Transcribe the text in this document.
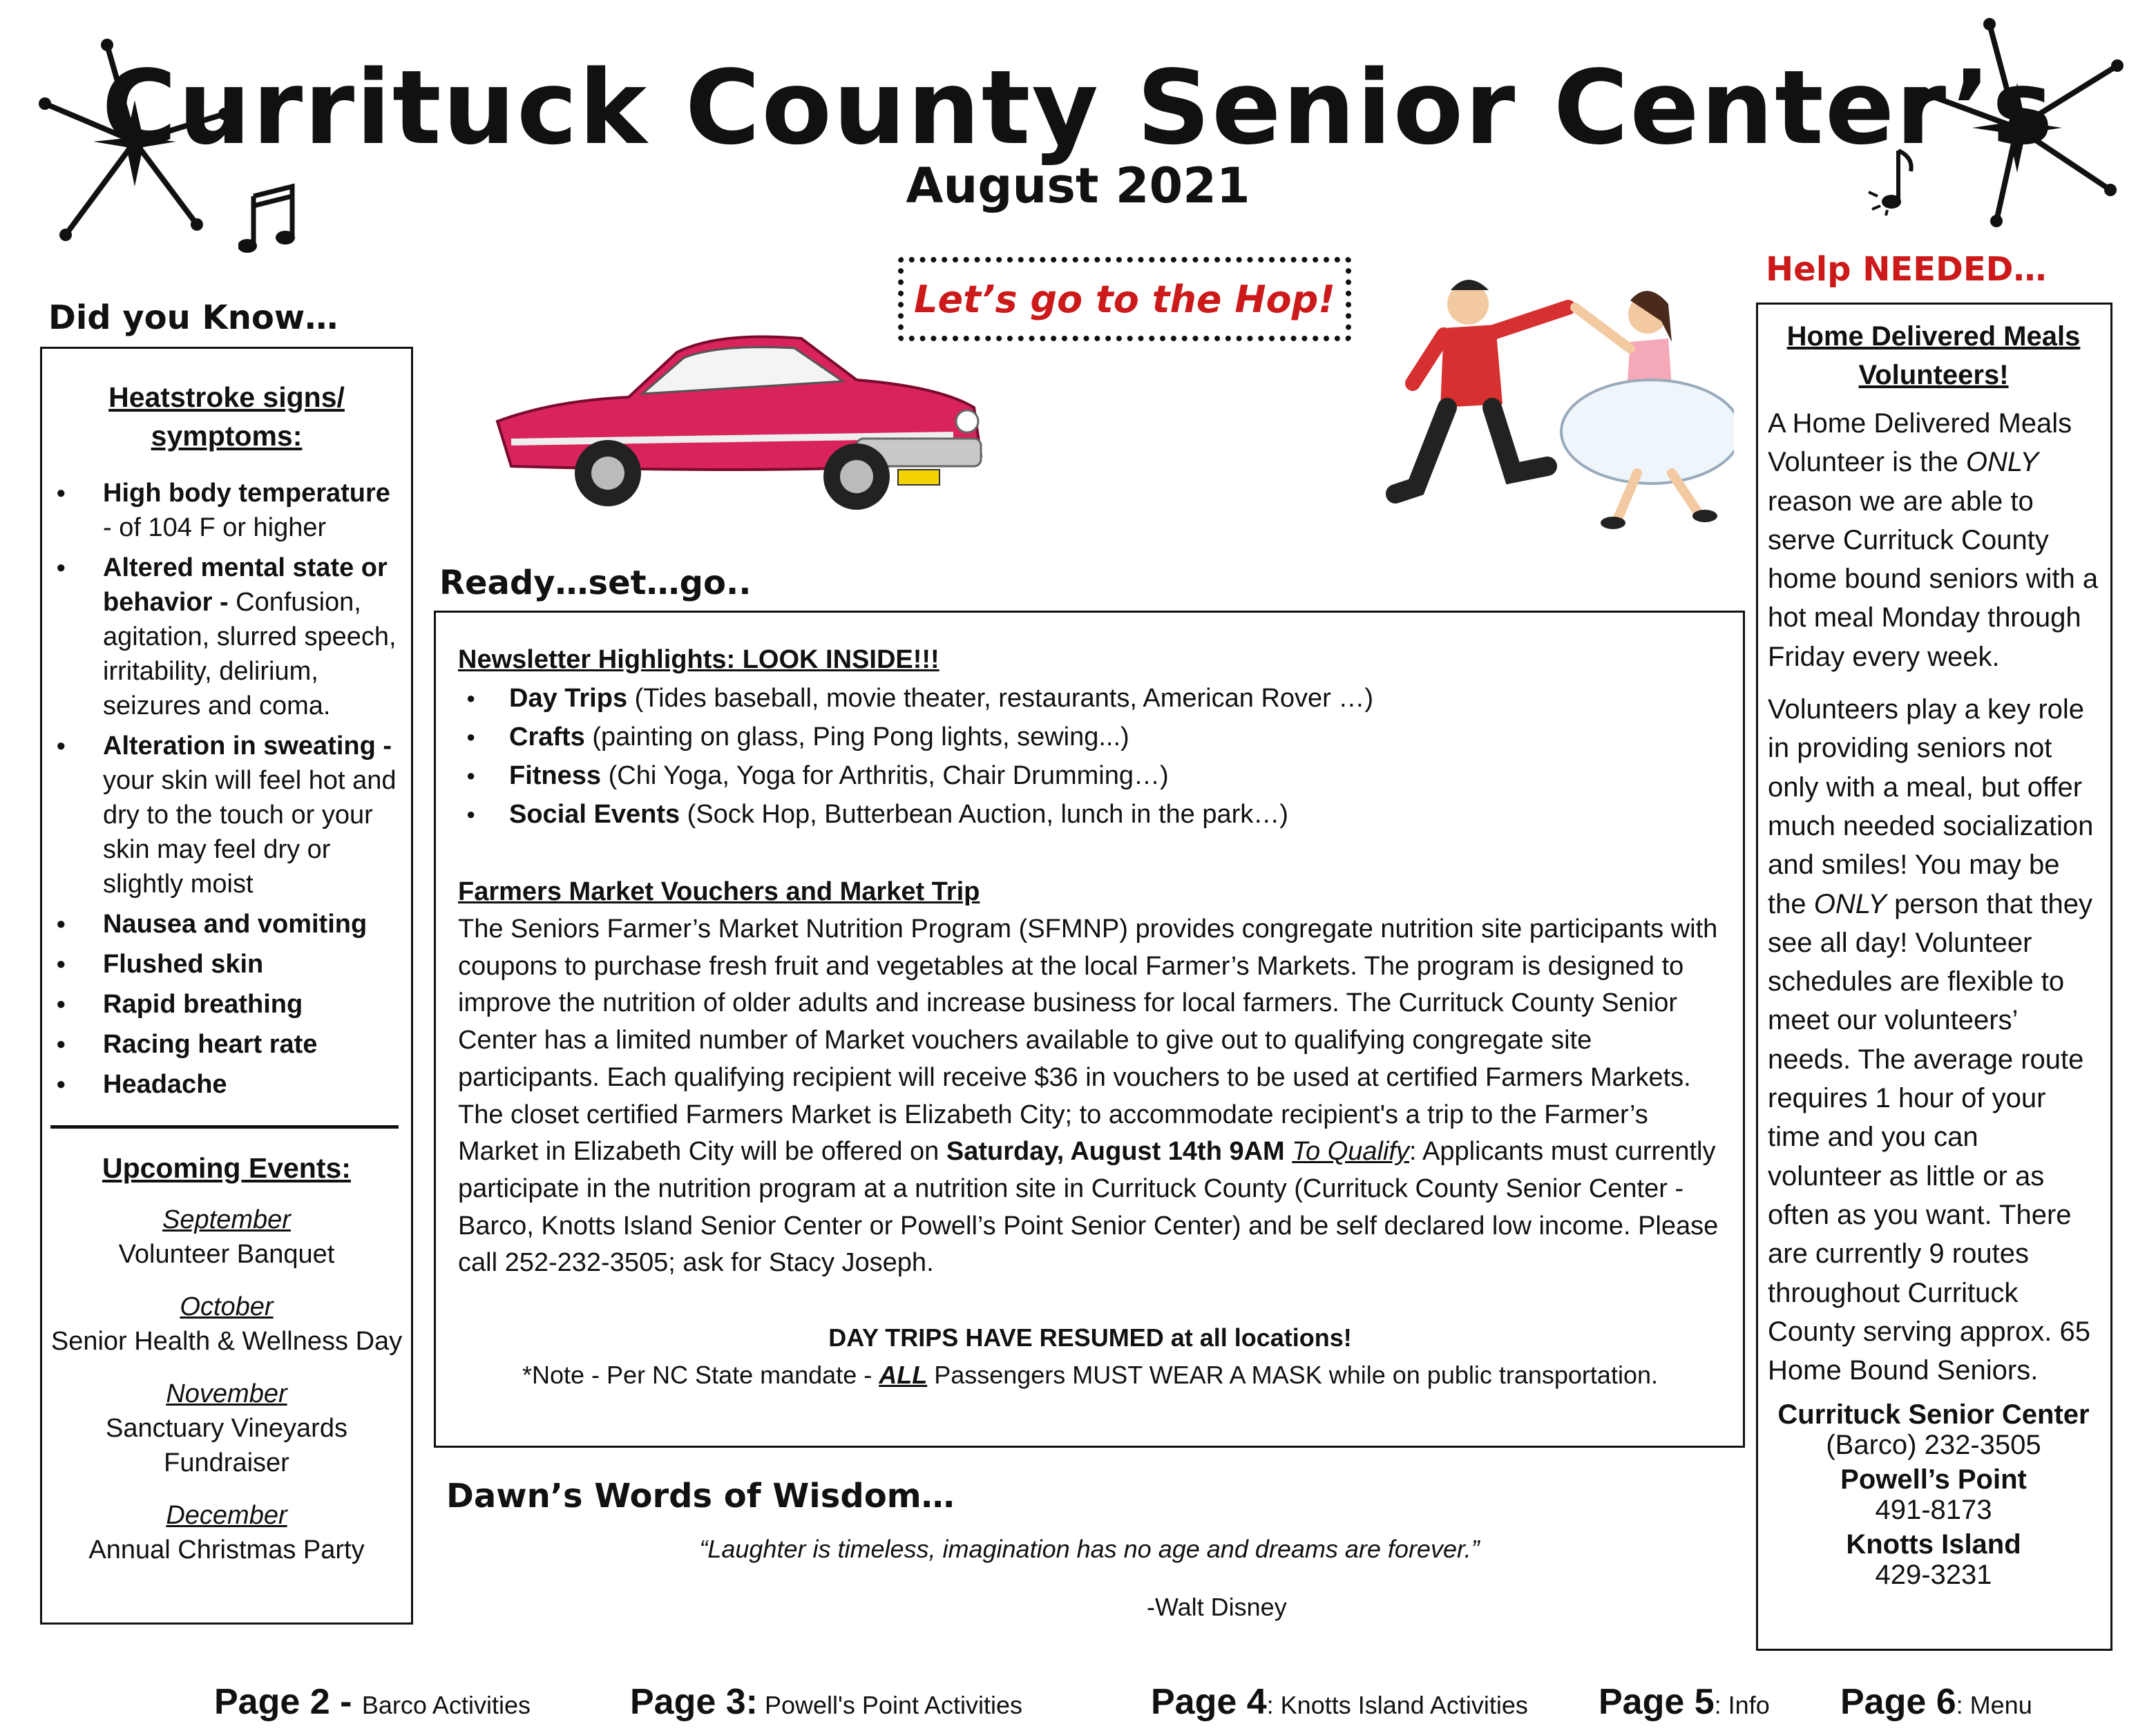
Currituck County Senior Center’s
August 2021
Let’s go to the Hop!
Did you Know…
Heatstroke signs/ symptoms:
● High body temperature - of 104 F or higher
● Altered mental state or behavior - Confusion, agitation, slurred speech, irritability, delirium, seizures and coma.
● Alteration in sweating - your skin will feel hot and dry to the touch or your skin may feel dry or slightly moist
● Nausea and vomiting
● Flushed skin
● Rapid breathing
● Racing heart rate
● Headache
Upcoming Events:
September
Volunteer Banquet
October
Senior Health & Wellness Day
November
Sanctuary Vineyards Fundraiser
December
Annual Christmas Party
Ready…set…go..
Newsletter Highlights: LOOK INSIDE!!!
● Day Trips (Tides baseball, movie theater, restaurants, American Rover …)
● Crafts (painting on glass, Ping Pong lights, sewing...)
● Fitness (Chi Yoga, Yoga for Arthritis, Chair Drumming…)
● Social Events (Sock Hop, Butterbean Auction, lunch in the park…)
Farmers Market Vouchers and Market Trip
The Seniors Farmer’s Market Nutrition Program (SFMNP) provides congregate nutrition site participants with coupons to purchase fresh fruit and vegetables at the local Farmer’s Markets. The program is designed to improve the nutrition of older adults and increase business for local farmers. The Currituck County Senior Center has a limited number of Market vouchers available to give out to qualifying congregate site participants. Each qualifying recipient will receive $36 in vouchers to be used at certified Farmers Markets. The closet certified Farmers Market is Elizabeth City; to accommodate recipient's a trip to the Farmer’s Market in Elizabeth City will be offered on Saturday, August 14th 9AM To Qualify: Applicants must currently participate in the nutrition program at a nutrition site in Currituck County (Currituck County Senior Center - Barco, Knotts Island Senior Center or Powell’s Point Senior Center) and be self declared low income. Please call 252-232-3505; ask for Stacy Joseph.
DAY TRIPS HAVE RESUMED at all locations!
*Note - Per NC State mandate - ALL Passengers MUST WEAR A MASK while on public transportation.
Dawn’s Words of Wisdom…
“Laughter is timeless, imagination has no age and dreams are forever.”
-Walt Disney
Help NEEDED…
Home Delivered Meals Volunteers!
A Home Delivered Meals Volunteer is the ONLY reason we are able to serve Currituck County home bound seniors with a hot meal Monday through Friday every week.
Volunteers play a key role in providing seniors not only with a meal, but offer much needed socialization and smiles! You may be the ONLY person that they see all day! Volunteer schedules are flexible to meet our volunteers’ needs. The average route requires 1 hour of your time and you can volunteer as little or as often as you want. There are currently 9 routes throughout Currituck County serving approx. 65 Home Bound Seniors.
Currituck Senior Center
(Barco) 232-3505
Powell’s Point
491-8173
Knotts Island
429-3231
Page 2 - Barco Activities	Page 3: Powell's Point Activities	Page 4: Knotts Island Activities Page 5: Info Page 6: Menu
